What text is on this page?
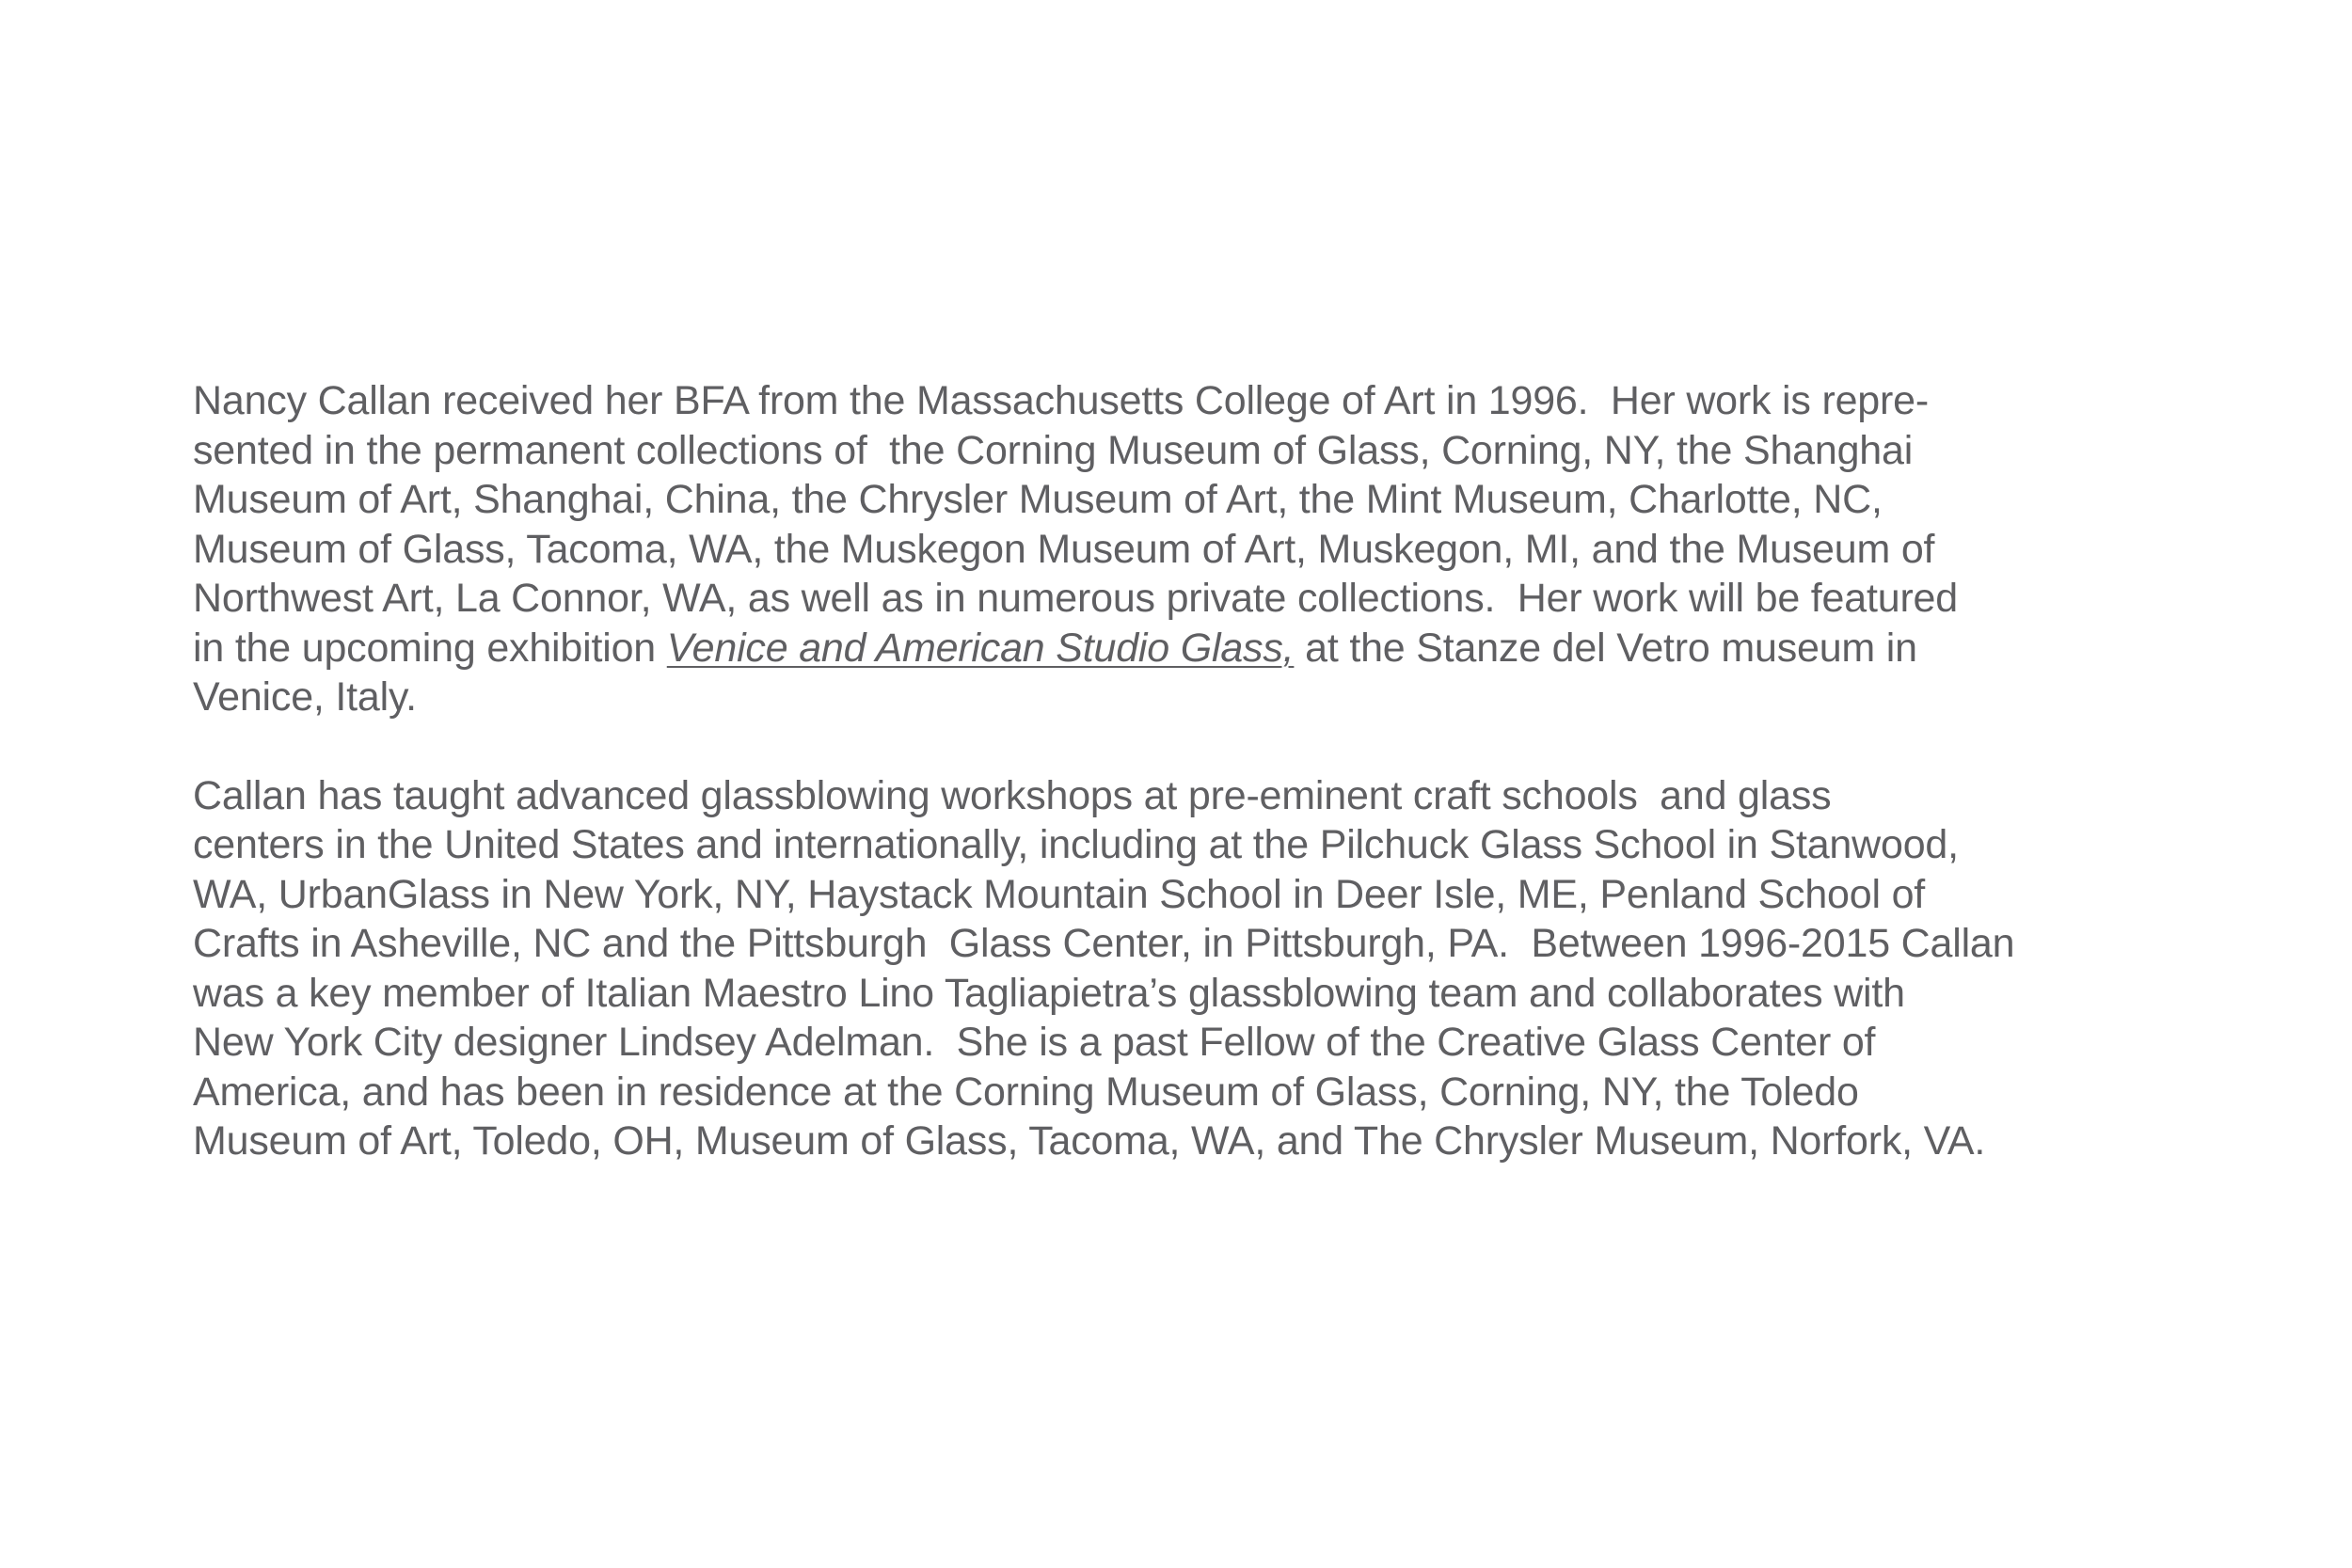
Nancy Callan received her BFA from the Massachusetts College of Art in 1996.  Her work is repre-
sented in the permanent collections of  the Corning Museum of Glass, Corning, NY, the Shanghai
Museum of Art, Shanghai, China, the Chrysler Museum of Art, the Mint Museum, Charlotte, NC,
Museum of Glass, Tacoma, WA, the Muskegon Museum of Art, Muskegon, MI, and the Museum of
Northwest Art, La Connor, WA, as well as in numerous private collections.  Her work will be featured
in the upcoming exhibition Venice and American Studio Glass, at the Stanze del Vetro museum in
Venice, Italy.

Callan has taught advanced glassblowing workshops at pre-eminent craft schools  and glass
centers in the United States and internationally, including at the Pilchuck Glass School in Stanwood,
WA, UrbanGlass in New York, NY, Haystack Mountain School in Deer Isle, ME, Penland School of
Crafts in Asheville, NC and the Pittsburgh  Glass Center, in Pittsburgh, PA.  Between 1996-2015 Callan
was a key member of Italian Maestro Lino Tagliapietra’s glassblowing team and collaborates with
New York City designer Lindsey Adelman.  She is a past Fellow of the Creative Glass Center of
America, and has been in residence at the Corning Museum of Glass, Corning, NY, the Toledo
Museum of Art, Toledo, OH, Museum of Glass, Tacoma, WA, and The Chrysler Museum, Norfork, VA.
